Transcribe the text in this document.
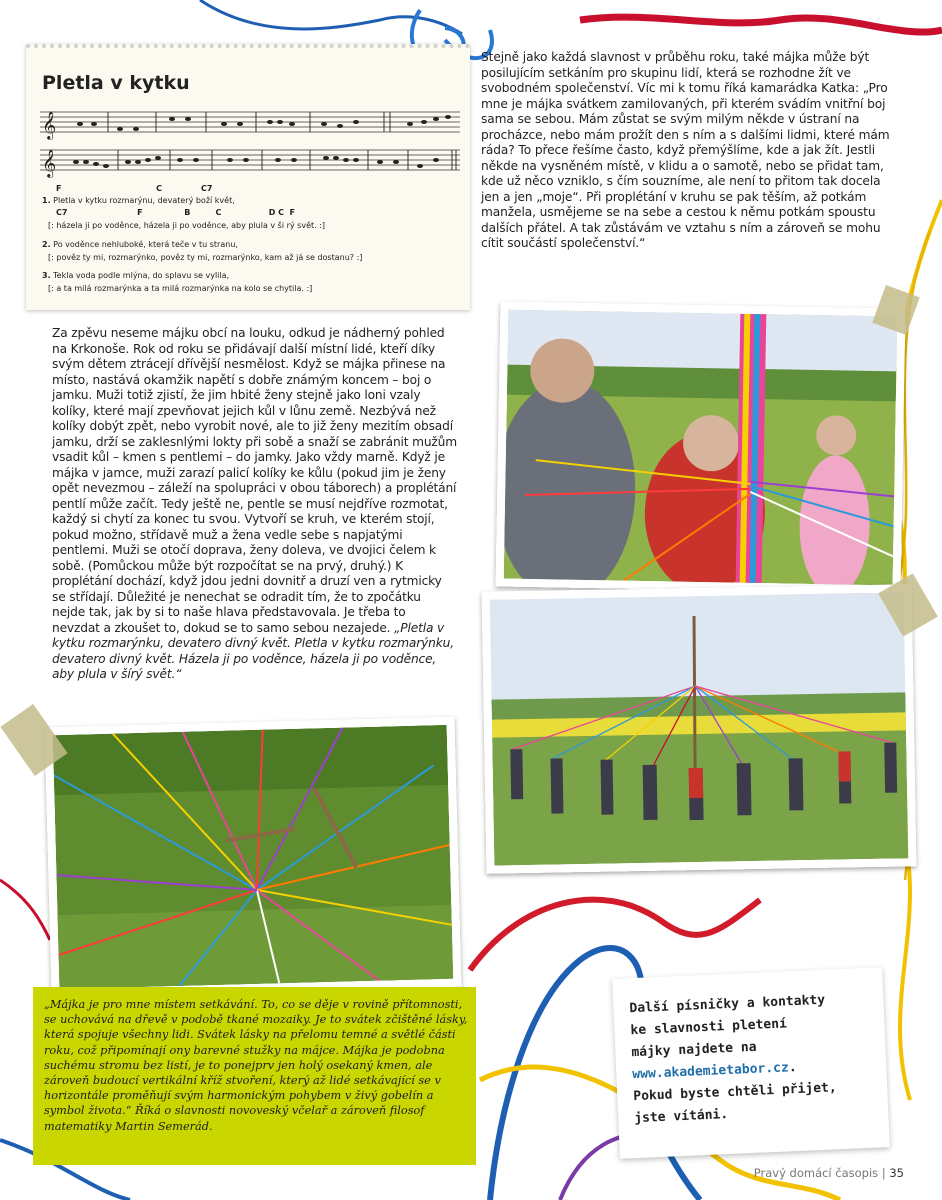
Pletla v kytku
𝄞
𝄞
F                                  C              C7
1. Pletla v kytku rozmarýnu, devaterý boží květ,
C7                         F               B         C                 D C  F
[: házela ji po voděnce, házela ji po voděnce, aby plula v ši rý svět. :]
2. Po voděnce nehluboké, která teče v tu stranu,
[: pověz ty mi, rozmarýnko, pověz ty mi, rozmarýnko, kam až já se dostanu? :]
3. Tekla voda podle mlýna, do splavu se vylila,
[: a ta milá rozmarýnka a ta milá rozmarýnka na kolo se chytila. :]
Stejně jako každá slavnost v průběhu roku, také májka může být posilujícím setkáním pro skupinu lidí, která se rozhodne žít ve svobodném společenství. Víc mi k tomu říká kamarádka Katka: „Pro mne je májka svátkem zamilovaných, při kterém svádím vnitřní boj sama se sebou. Mám zůstat se svým milým někde v ústraní na procházce, nebo mám prožít den s ním a s dalšími lidmi, které mám ráda? To přece řešíme často, když přemýšlíme, kde a jak žít. Jestli někde na vysněném místě, v klidu a o samotě, nebo se přidat tam, kde už něco vzniklo, s čím souzníme, ale není to přitom tak docela jen a jen „moje“. Při proplétání v kruhu se pak těším, až potkám manžela, usmějeme se na sebe a cestou k němu potkám spoustu dalších přátel. A tak zůstávám ve vztahu s ním a zároveň se mohu cítit součástí společenství.“
Za zpěvu neseme májku obcí na louku, odkud je nádherný pohled na Krkonoše. Rok od roku se přidávají další místní lidé, kteří díky svým dětem ztrácejí dřívější nesmělost. Když se májka přinese na místo, nastává okamžik napětí s dobře známým koncem – boj o jamku. Muži totiž zjistí, že jim hbité ženy stejně jako loni vzaly kolíky, které mají zpevňovat jejich kůl v lůnu země. Nezbývá než kolíky dobýt zpět, nebo vyrobit nové, ale to již ženy mezitím obsadí jamku, drží se zaklesnlými lokty při sobě a snaží se zabránit mužům vsadit kůl – kmen s pentlemi – do jamky. Jako vždy marně. Když je májka v jamce, muži zarazí palicí kolíky ke kůlu (pokud jim je ženy opět nevezmou – záleží na spolupráci v obou táborech) a proplétání pentlí může začít. Tedy ještě ne, pentle se musí nejdříve rozmotat, každý si chytí za konec tu svou. Vytvoří se kruh, ve kterém stojí, pokud možno, střídavě muž a žena vedle sebe s napjatými pentlemi. Muži se otočí doprava, ženy doleva, ve dvojici čelem k sobě. (Pomůckou může být rozpočítat se na prvý, druhý.) K proplétání dochází, když jdou jedni dovnitř a druzí ven a rytmicky se střídají. Důležité je nenechat se odradit tím, že to zpočátku nejde tak, jak by si to naše hlava představovala. Je třeba to nevzdat a zkoušet to, dokud se to samo sebou nezajede. „Pletla v kytku rozmarýnku, devatero divný květ. Pletla v kytku rozmarýnku, devatero divný květ. Házela ji po voděnce, házela ji po voděnce, aby plula v šírý svět.“
„Májka je pro mne místem setkávání. To, co se děje v rovině přítomnosti, se uchovává na dřevě v podobě tkané mozaiky. Je to svátek zčištěné lásky, která spojuje všechny lidi. Svátek lásky na přelomu temné a světlé části roku, což připomínají ony barevné stužky na májce. Májka je podobna suchému stromu bez listí, je to ponejprv jen holý osekaný kmen, ale zároveň budoucí vertikální kříž stvoření, který až lidé setkávající se v horizontále proměňují svým harmonickým pohybem v živý gobelín a symbol života.“ Říká o slavnosti novoveský včelař a zároveň filosof matematiky Martin Semerád.
Další písničky a kontakty
ke slavnosti pletení
májky najdete na
www.akademietabor.cz.
Pokud byste chtěli přijet,
jste vítáni.
Pravý domácí časopis | 35
